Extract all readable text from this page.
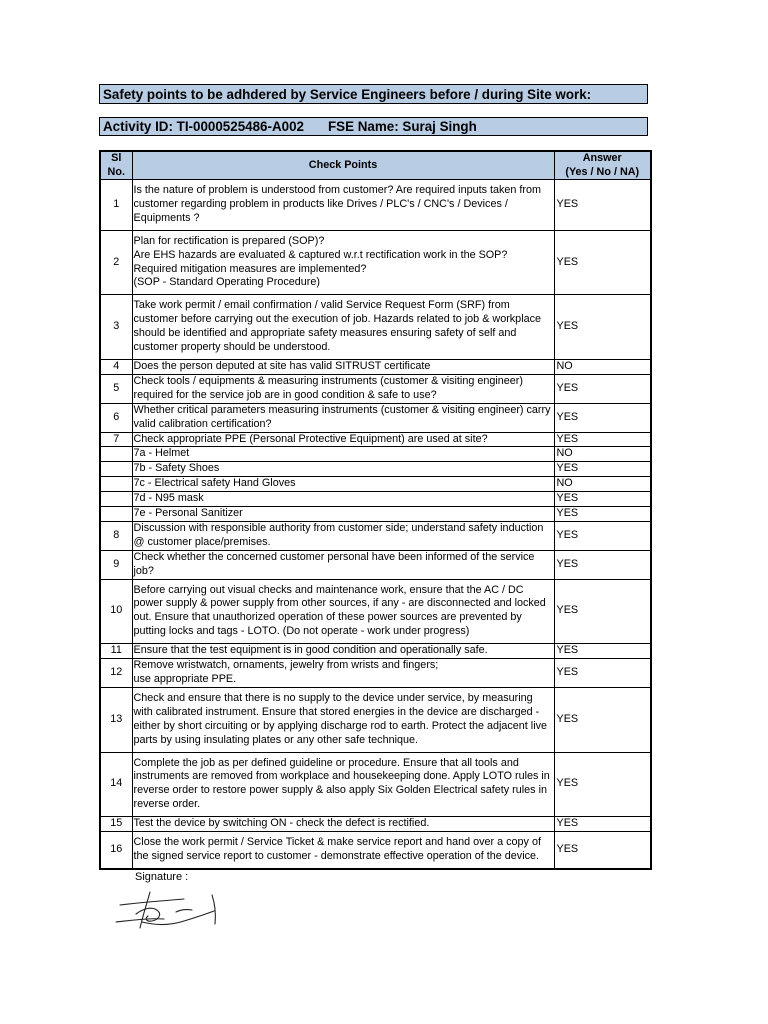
Safety points to be adhdered by Service Engineers before / during Site work:
Activity ID: TI-0000525486-A002 FSE Name: Suraj Singh
Sl No.	Check Points	Answer
(Yes / No / NA)
1	Is the nature of problem is understood from customer? Are required inputs taken from customer regarding problem in products like Drives / PLC's / CNC's / Devices / Equipments ?	YES
2	Plan for rectification is prepared (SOP)?
Are EHS hazards are evaluated & captured w.r.t rectification work in the SOP?
Required mitigation measures are implemented?
(SOP - Standard Operating Procedure)	YES
3	Take work permit / email confirmation / valid Service Request Form (SRF) from customer before carrying out the execution of job. Hazards related to job & workplace should be identified and appropriate safety measures ensuring safety of self and customer property should be understood.	YES
4	Does the person deputed at site has valid SITRUST certificate	NO
5	Check tools / equipments & measuring instruments (customer & visiting engineer) required for the service job are in good condition & safe to use?	YES
6	Whether critical parameters measuring instruments (customer & visiting engineer) carry valid calibration certification?	YES
7	Check appropriate PPE (Personal Protective Equipment) are used at site?	YES
	7a - Helmet	NO
	7b - Safety Shoes	YES
	7c - Electrical safety Hand Gloves	NO
	7d - N95 mask	YES
	7e - Personal Sanitizer	YES
8	Discussion with responsible authority from customer side; understand safety induction @ customer place/premises.	YES
9	Check whether the concerned customer personal have been informed of the service job?	YES
10	Before carrying out visual checks and maintenance work, ensure that the AC / DC power supply & power supply from other sources, if any - are disconnected and locked out. Ensure that unauthorized operation of these power sources are prevented by putting locks and tags - LOTO. (Do not operate - work under progress)	YES
11	Ensure that the test equipment is in good condition and operationally safe.	YES
12	Remove wristwatch, ornaments, jewelry from wrists and fingers;
use appropriate PPE.	YES
13	Check and ensure that there is no supply to the device under service, by measuring with calibrated instrument. Ensure that stored energies in the device are discharged - either by short circuiting or by applying discharge rod to earth. Protect the adjacent live parts by using insulating plates or any other safe technique.	YES
14	Complete the job as per defined guideline or procedure. Ensure that all tools and instruments are removed from workplace and housekeeping done. Apply LOTO rules in reverse order to restore power supply & also apply Six Golden Electrical safety rules in reverse order.	YES
15	Test the device by switching ON - check the defect is rectified.	YES
16	Close the work permit / Service Ticket & make service report and hand over a copy of the signed service report to customer - demonstrate effective operation of the device.	YES
Signature :
